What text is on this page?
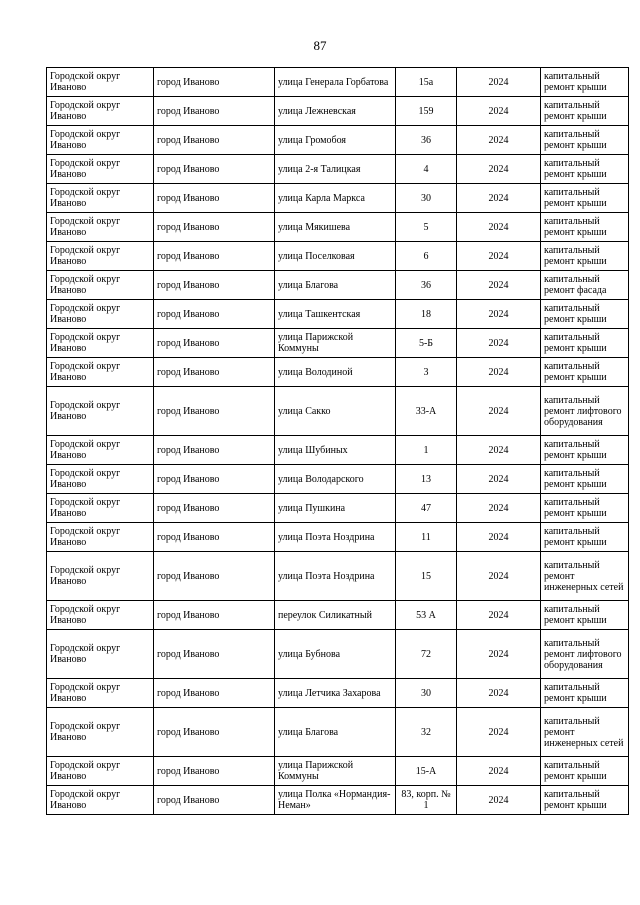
87
Городской округ Иваново	город Иваново	улица Генерала Горбатова	15а	2024	капитальный ремонт крыши
Городской округ Иваново	город Иваново	улица Лежневская	159	2024	капитальный ремонт крыши
Городской округ Иваново	город Иваново	улица Громобоя	36	2024	капитальный ремонт крыши
Городской округ Иваново	город Иваново	улица 2-я Талицкая	4	2024	капитальный ремонт крыши
Городской округ Иваново	город Иваново	улица Карла Маркса	30	2024	капитальный ремонт крыши
Городской округ Иваново	город Иваново	улица Мякишева	5	2024	капитальный ремонт крыши
Городской округ Иваново	город Иваново	улица Поселковая	6	2024	капитальный ремонт крыши
Городской округ Иваново	город Иваново	улица Благова	36	2024	капитальный ремонт фасада
Городской округ Иваново	город Иваново	улица Ташкентская	18	2024	капитальный ремонт крыши
Городской округ Иваново	город Иваново	улица Парижской Коммуны	5-Б	2024	капитальный ремонт крыши
Городской округ Иваново	город Иваново	улица Володиной	3	2024	капитальный ремонт крыши
Городской округ Иваново	город Иваново	улица Сакко	33-А	2024	капитальный ремонт лифтового оборудования
Городской округ Иваново	город Иваново	улица Шубиных	1	2024	капитальный ремонт крыши
Городской округ Иваново	город Иваново	улица Володарского	13	2024	капитальный ремонт крыши
Городской округ Иваново	город Иваново	улица Пушкина	47	2024	капитальный ремонт крыши
Городской округ Иваново	город Иваново	улица Поэта Ноздрина	11	2024	капитальный ремонт крыши
Городской округ Иваново	город Иваново	улица Поэта Ноздрина	15	2024	капитальный ремонт инженерных сетей
Городской округ Иваново	город Иваново	переулок Силикатный	53 А	2024	капитальный ремонт крыши
Городской округ Иваново	город Иваново	улица Бубнова	72	2024	капитальный ремонт лифтового оборудования
Городской округ Иваново	город Иваново	улица Летчика Захарова	30	2024	капитальный ремонт крыши
Городской округ Иваново	город Иваново	улица Благова	32	2024	капитальный ремонт инженерных сетей
Городской округ Иваново	город Иваново	улица Парижской Коммуны	15-А	2024	капитальный ремонт крыши
Городской округ Иваново	город Иваново	улица Полка «Нормандия-Неман»	83, корп. № 1	2024	капитальный ремонт крыши
